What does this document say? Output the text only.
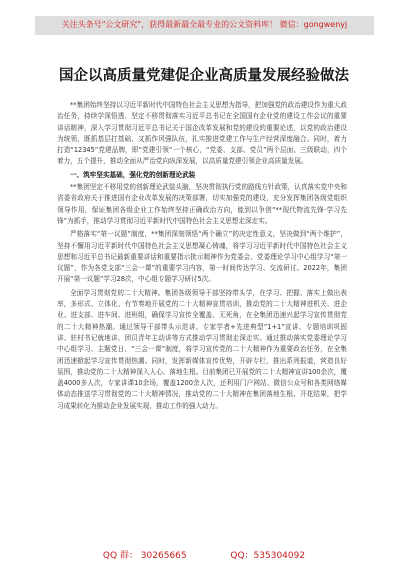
关注头条号"公文研究"，获得最新最全最专业的公文资料库！ 微信：gongwenyj
国企以高质量党建促企业高质量发展经验做法

**集团始终坚持以习近平新时代中国特色社会主义思想为指导，把加强党的政治建设作为重大政治任务，持续学深悟透、坚定不移贯彻落实习近平总书记在全国国有企业党的建设工作会议的重要讲话精神，深入学习贯彻习近平总书记关于国企改革发展和党的建设的重要论述，以党的政治建设为统领，既抓基层打基础、又抓作风强队伍，扎实推进党建工作与生产经营深度融合。同时，着力打造“12345”党建品牌，即“党建引领”一个核心，“党委、支部、党员”两个层面、三级联动，四个着力，五个提升，推动全面从严治党向纵深发展，以高质量党建引领企业高质量发展。

一、筑牢坚实基础，强化党的创新理论武装

**集团坚定不移用党的创新理论武装头脑，坚决贯彻执行党的路线方针政策，认真落实党中央和省委省政府关于推进国有企业改革发展的决策部署，切实加强党的建设，充分发挥集团各级党组织领导作用，保证集团各级企业工作始终坚持正确政治方向，能到以争创“**现代物流先锋·学习先锋”为抓手，推动学习贯彻习近平新时代中国特色社会主义思想走深走实。

严格落实“第一议题”制度，**集团深刻领悟“两个确立”的决定性意义，坚决做到“两个维护”，坚持不懈用习近平新时代中国特色社会主义思想凝心铸魂，将学习习近平新时代中国特色社会主义思想和习近平总书记最新重要讲话和重要指示批示精神作为党委会、党委理论学习中心组学习“第一议题”，作为各党支部“三会一课”的重要学习内容，第一时间传达学习、交流研讨。2022年，集团开展“第一议题”学习28次，中心组专题学习研讨5次。

全面学习贯彻党的二十大精神。集团各级领导干部坚持带头学，在学习、把握、落实上做出表率，多形式、立体化、有节奏地开展党的二十大精神宣贯培训，推动党的二十大精神进机关、进企业、进支部、进车间、进班组，确保学习宣传全覆盖、无死角，在全集团迅速兴起学习宣传贯彻党的二十大精神热潮。通过领导干部带头示范讲、专家学者+先进典型“1+1”宣讲、专题培训巩固讲、驻村书记就地讲、团员青年主动讲等方式推动学习贯彻走深走实。通过推动落实党委理论学习中心组学习、主题党日、“三会一课”制度，将学习宣传党的二十大精神作为重要政治任务，在全集团迅速掀起学习宣传贯彻热潮。同时，发挥新媒体宣传优势，开辟专栏，推出系列报道，营造良好氛围，推动党的二十大精神深入人心、落地生根。目前集团已开展党的二十大精神宣讲100余次，覆盖4000多人次，专家讲课10余场，覆盖1200余人次，还利用门户网站、微信公众号和各类网络媒体动态推送学习贯彻党的二十大精神情况，推动党的二十大精神在集团落地生根、开花结果，把学习成果转化为推动企业发展实现、推动工作的强大动力。

QQ 群： 30265665	QQ：535304092
